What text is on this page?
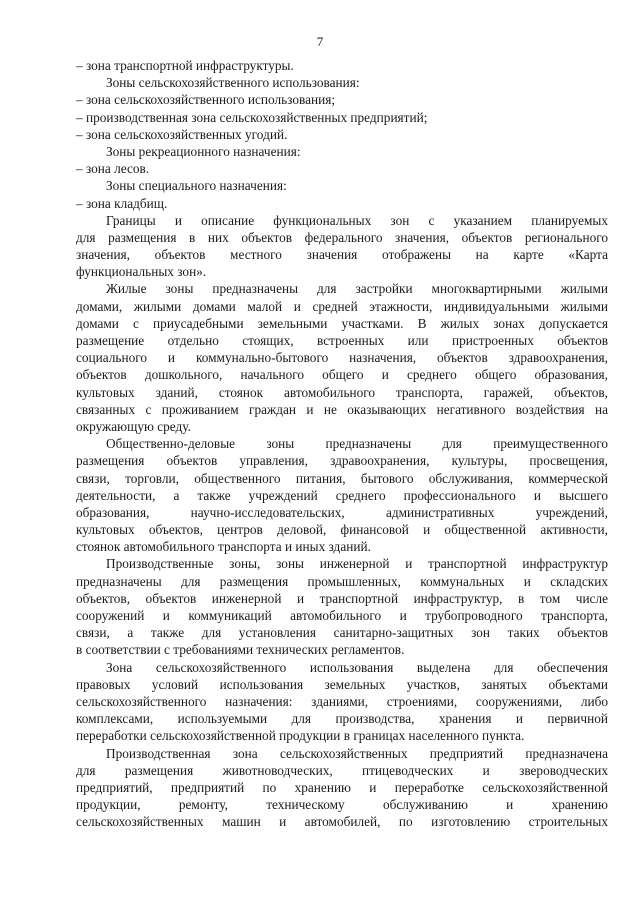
7
– зона транспортной инфраструктуры.
Зоны сельскохозяйственного использования:
– зона сельскохозяйственного использования;
– производственная зона сельскохозяйственных предприятий;
– зона сельскохозяйственных угодий.
Зоны рекреационного назначения:
– зона лесов.
Зоны специального назначения:
– зона кладбищ.
Границы и описание функциональных зон с указанием планируемых
для размещения в них объектов федерального значения, объектов регионального
значения, объектов местного значения отображены на карте «Карта
функциональных зон».
Жилые зоны предназначены для застройки многоквартирными жилыми
домами, жилыми домами малой и средней этажности, индивидуальными жилыми
домами с приусадебными земельными участками. В жилых зонах допускается
размещение отдельно стоящих, встроенных или пристроенных объектов
социального и коммунально-бытового назначения, объектов здравоохранения,
объектов дошкольного, начального общего и среднего общего образования,
культовых зданий, стоянок автомобильного транспорта, гаражей, объектов,
связанных с проживанием граждан и не оказывающих негативного воздействия на
окружающую среду.
Общественно-деловые зоны предназначены для преимущественного
размещения объектов управления, здравоохранения, культуры, просвещения,
связи, торговли, общественного питания, бытового обслуживания, коммерческой
деятельности, а также учреждений среднего профессионального и высшего
образования, научно-исследовательских, административных учреждений,
культовых объектов, центров деловой, финансовой и общественной активности,
стоянок автомобильного транспорта и иных зданий.
Производственные зоны, зоны инженерной и транспортной инфраструктур
предназначены для размещения промышленных, коммунальных и складских
объектов, объектов инженерной и транспортной инфраструктур, в том числе
сооружений и коммуникаций автомобильного и трубопроводного транспорта,
связи, а также для установления санитарно-защитных зон таких объектов
в соответствии с требованиями технических регламентов.
Зона сельскохозяйственного использования выделена для обеспечения
правовых условий использования земельных участков, занятых объектами
сельскохозяйственного назначения: зданиями, строениями, сооружениями, либо
комплексами, используемыми для производства, хранения и первичной
переработки сельскохозяйственной продукции в границах населенного пункта.
Производственная зона сельскохозяйственных предприятий предназначена
для размещения животноводческих, птицеводческих и звероводческих
предприятий, предприятий по хранению и переработке сельскохозяйственной
продукции, ремонту, техническому обслуживанию и хранению
сельскохозяйственных машин и автомобилей, по изготовлению строительных
